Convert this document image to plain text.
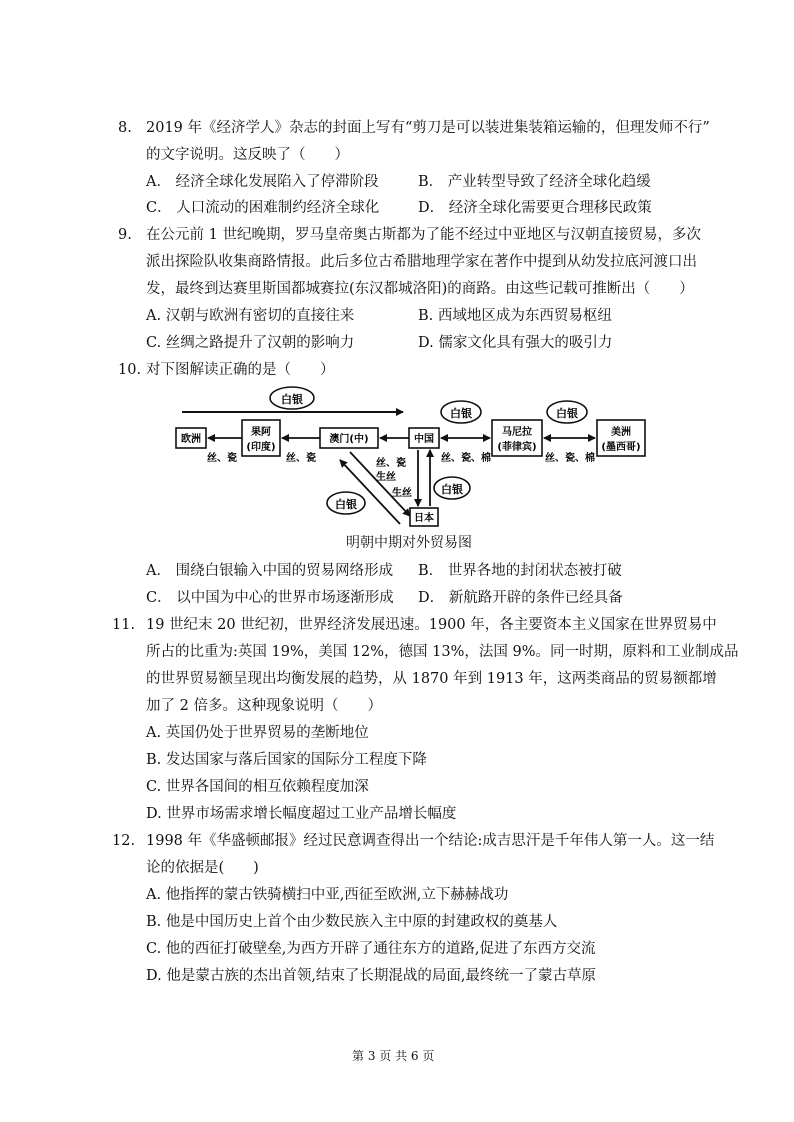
8. 2019 年《经济学人》杂志的封面上写有“剪刀是可以装进集装箱运输的，但理发师不行”
的文字说明。这反映了（　　）
A． 经济全球化发展陷入了停滞阶段	B． 产业转型导致了经济全球化趋缓
C． 人口流动的困难制约经济全球化	D． 经济全球化需要更合理移民政策
9. 在公元前 1 世纪晚期，罗马皇帝奥古斯都为了能不经过中亚地区与汉朝直接贸易，多次
派出探险队收集商路情报。此后多位古希腊地理学家在著作中提到从幼发拉底河渡口出
发，最终到达赛里斯国都城赛拉(东汉都城洛阳)的商路。由这些记载可推断出（　　）
A. 汉朝与欧洲有密切的直接往来	B. 西域地区成为东西贸易枢纽
C. 丝绸之路提升了汉朝的影响力	D. 儒家文化具有强大的吸引力
10. 对下图解读正确的是（　　）
白银
欧洲
果阿
(印度)
澳门(中)	中国
马尼拉
(菲律宾)
美洲
(墨西哥)
日本
丝、瓷	丝、瓷	丝、瓷、棉	丝、瓷、棉
白银	白银
丝、瓷
白银
生丝
生丝
白银
明朝中期对外贸易图
A． 围绕白银输入中国的贸易网络形成 B． 世界各地的封闭状态被打破
C． 以中国为中心的世界市场逐渐形成 D． 新航路开辟的条件已经具备
11. 19 世纪末 20 世纪初，世界经济发展迅速。1900 年，各主要资本主义国家在世界贸易中
所占的比重为:英国 19%，美国 12%，德国 13%，法国 9%。同一时期，原料和工业制成品
的世界贸易额呈现出均衡发展的趋势，从 1870 年到 1913 年，这两类商品的贸易额都增
加了 2 倍多。这种现象说明（　　）
A. 英国仍处于世界贸易的垄断地位
B. 发达国家与落后国家的国际分工程度下降
C. 世界各国间的相互依赖程度加深
D. 世界市场需求增长幅度超过工业产品增长幅度
12. 1998 年《华盛顿邮报》经过民意调查得出一个结论:成吉思汗是千年伟人第一人。这一结
论的依据是(　　)
A. 他指挥的蒙古铁骑横扫中亚,西征至欧洲,立下赫赫战功
B. 他是中国历史上首个由少数民族入主中原的封建政权的奠基人
C. 他的西征打破壁垒,为西方开辟了通往东方的道路,促进了东西方交流
D. 他是蒙古族的杰出首领,结束了长期混战的局面,最终统一了蒙古草原
第 3 页 共 6 页
